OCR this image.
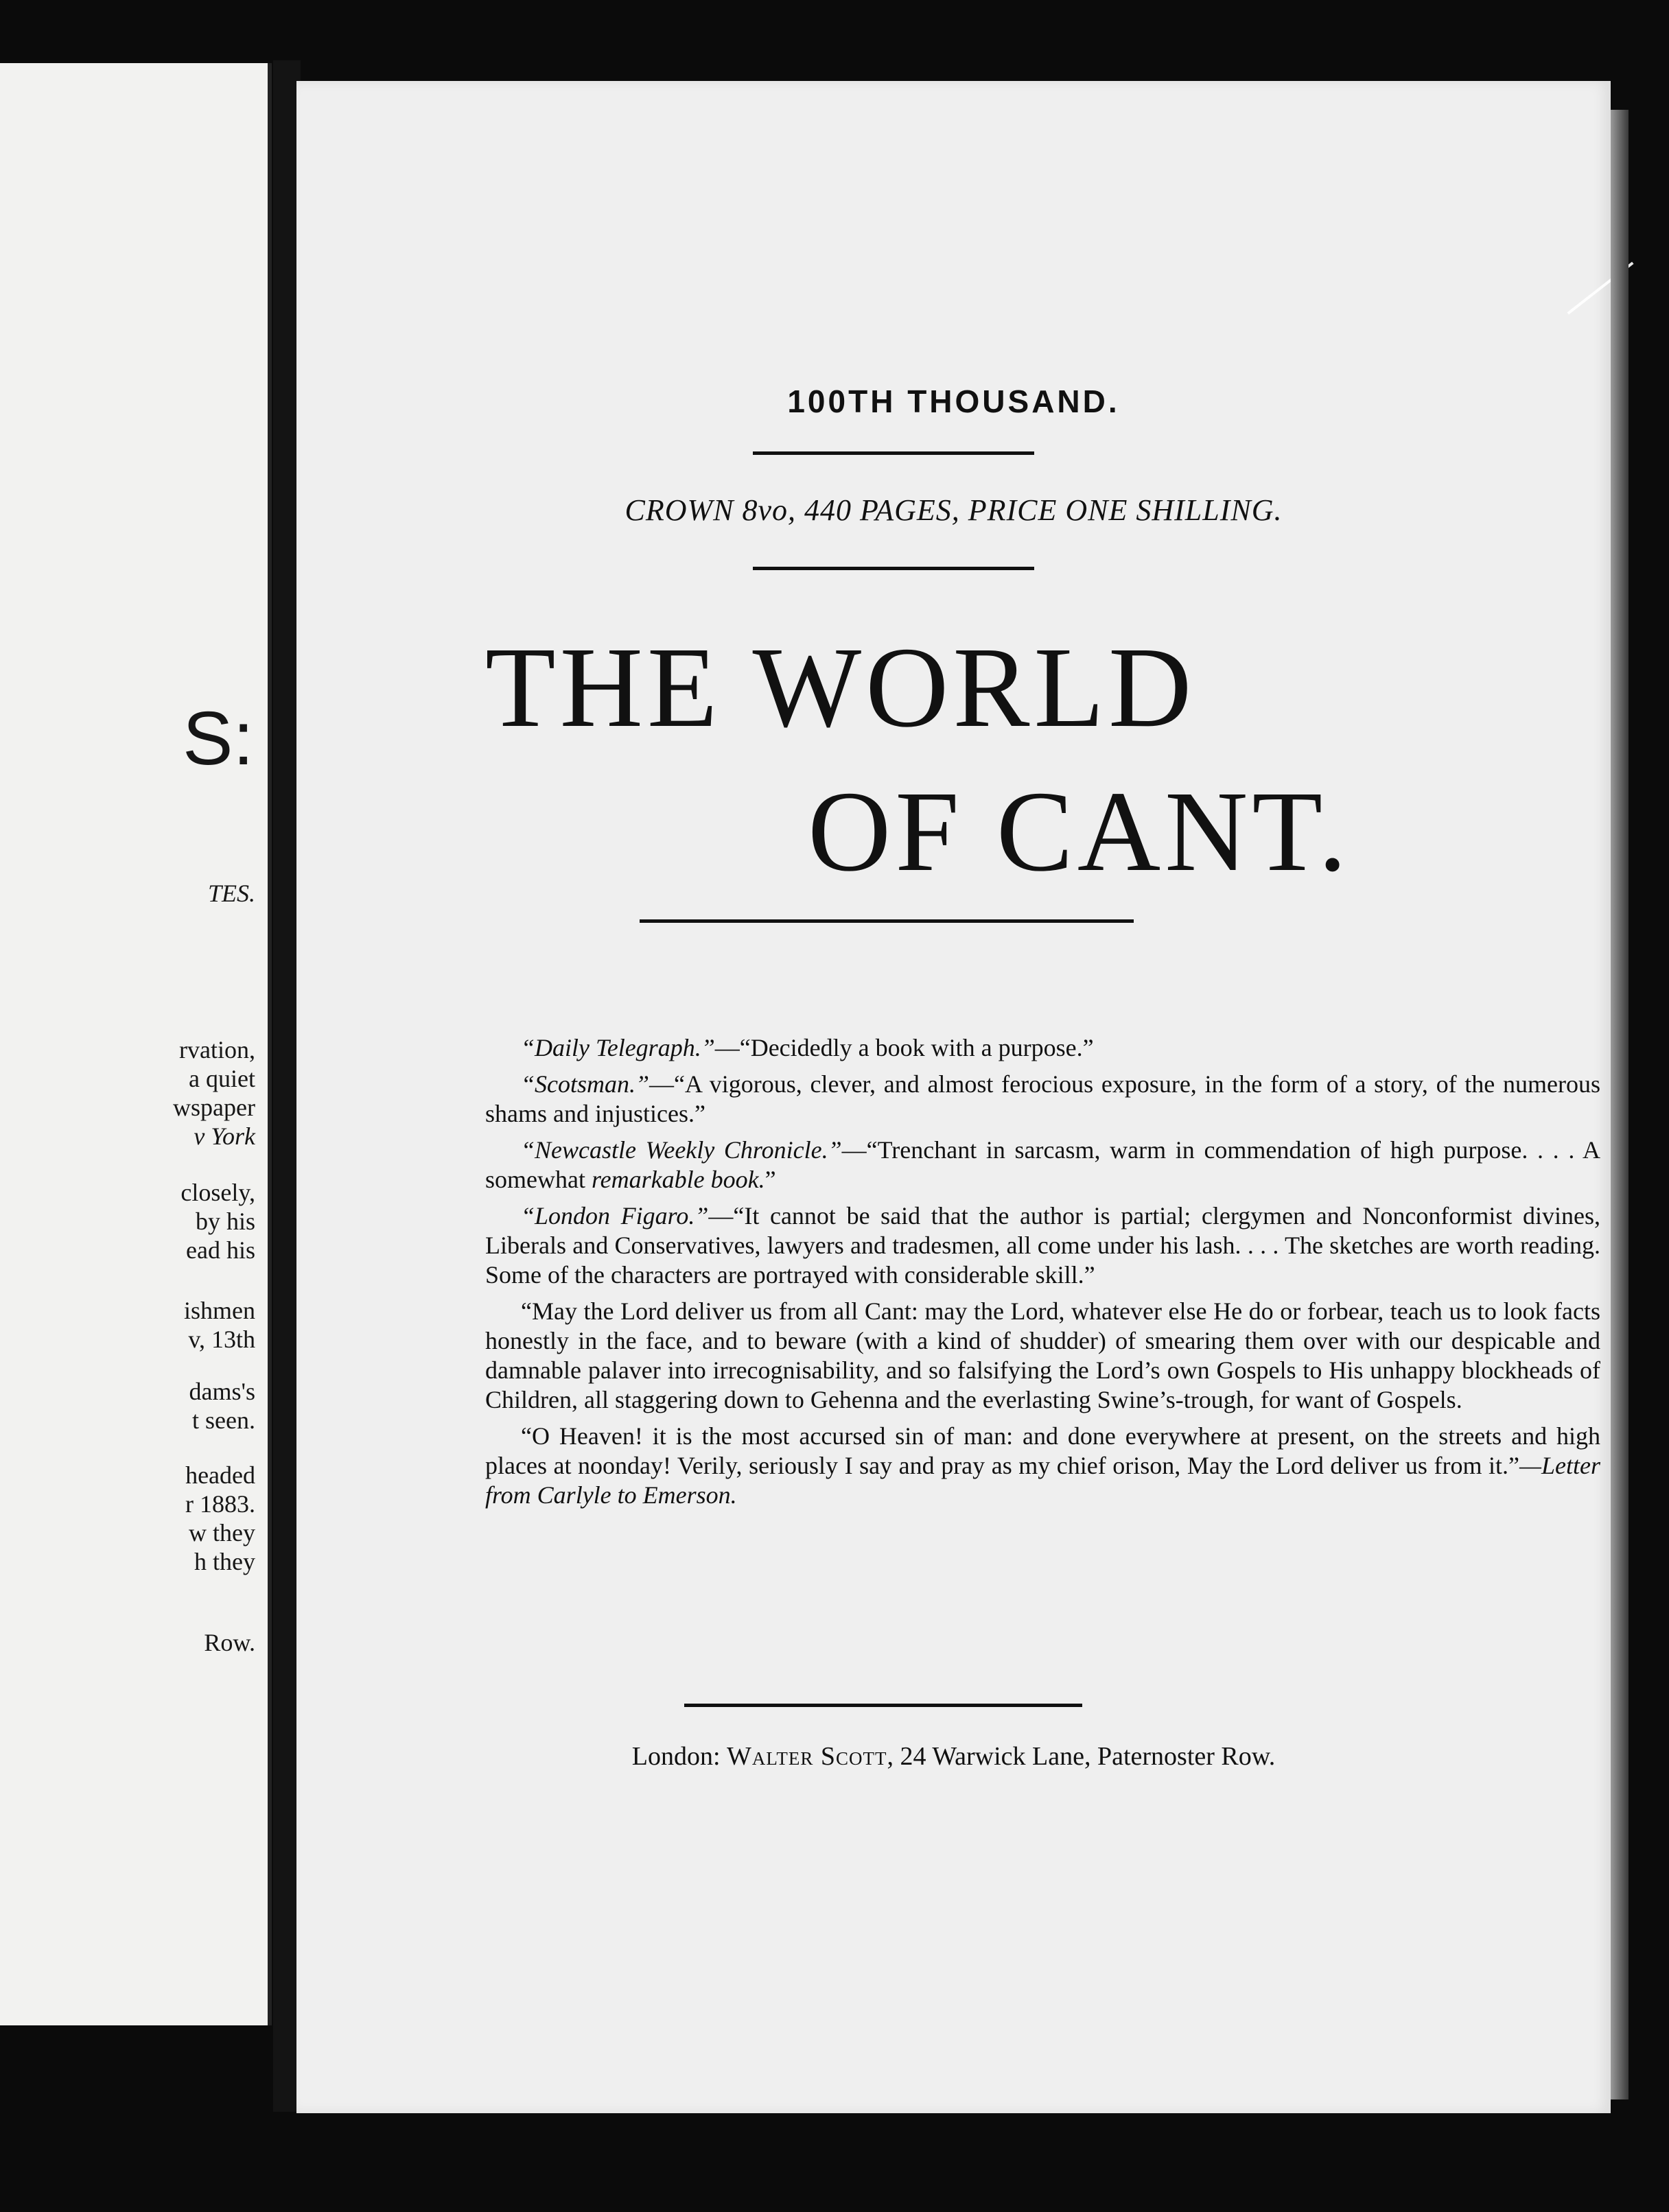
S:
TES.
rvation,
a quiet
wspaper
v York
closely,
by his
ead his
ishmen
v, 13th
dams's
t seen.
headed
r 1883.
w they
h they
Row.
100TH THOUSAND.
CROWN 8vo, 440 PAGES, PRICE ONE SHILLING.
THE WORLD
OF CANT.

“Daily Telegraph.”—“Decidedly a book with a purpose.”

“Scotsman.”—“A vigorous, clever, and almost ferocious exposure, in the form of a story, of the numerous shams and injustices.”

“Newcastle Weekly Chronicle.”—“Trenchant in sarcasm, warm in commendation of high purpose. . . . A somewhat remarkable book.”

“London Figaro.”—“It cannot be said that the author is partial; clergymen and Nonconformist divines, Liberals and Conservatives, lawyers and tradesmen, all come under his lash. . . . The sketches are worth reading. Some of the characters are portrayed with considerable skill.”

“May the Lord deliver us from all Cant: may the Lord, whatever else He do or forbear, teach us to look facts honestly in the face, and to beware (with a kind of shudder) of smearing them over with our despicable and damnable palaver into irrecognisability, and so falsifying the Lord’s own Gospels to His unhappy blockheads of Children, all staggering down to Gehenna and the everlasting Swine’s-trough, for want of Gospels.

“O Heaven! it is the most accursed sin of man: and done everywhere at present, on the streets and high places at noonday! Verily, seriously I say and pray as my chief orison, May the Lord deliver us from it.”—Letter from Carlyle to Emerson.

London: Walter Scott, 24 Warwick Lane, Paternoster Row.
